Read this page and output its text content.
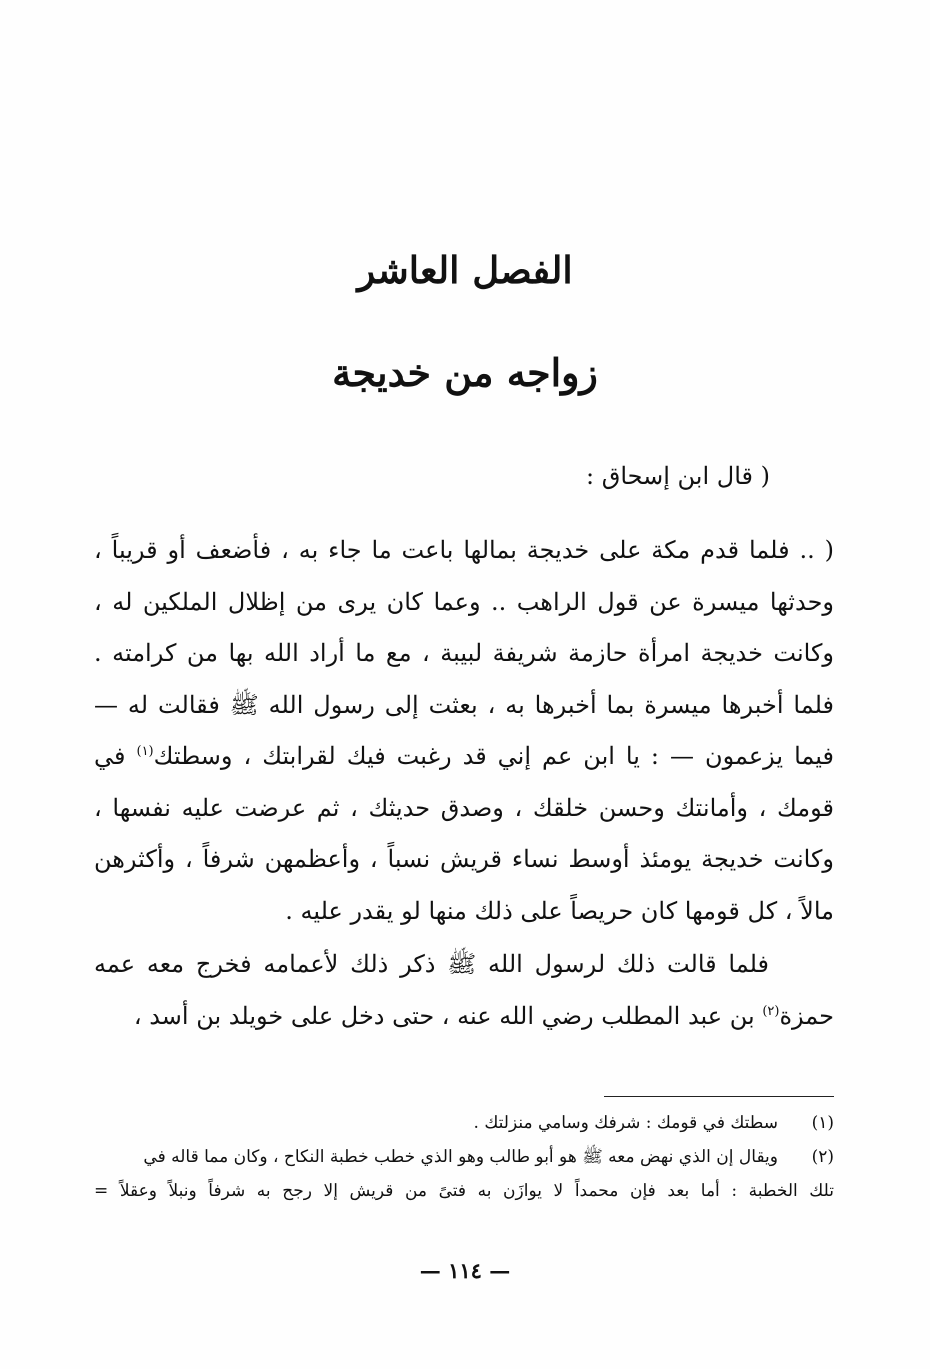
الفصل العاشر
زواجه من خديجة

( قال ابن إسحاق :

( .. فلما قدم مكة على خديجة بمالها باعت ما جاء به ، فأضعف أو قريباً ، وحدثها ميسرة عن قول الراهب .. وعما كان يرى من إظلال الملكين له ، وكانت خديجة امرأة حازمة شريفة لبيبة ، مع ما أراد الله بها من كرامته . فلما أخبرها ميسرة بما أخبرها به ، بعثت إلى رسول الله ﷺ فقالت له — فيما يزعمون — : يا ابن عم إني قد رغبت فيك لقرابتك ، وسطتك$^{(١)}$ في قومك ، وأمانتك وحسن خلقك ، وصدق حديثك ، ثم عرضت عليه نفسها ، وكانت خديجة يومئذ أوسط نساء قريش نسباً ، وأعظمهن شرفاً ، وأكثرهن مالاً ، كل قومها كان حريصاً على ذلك منها لو يقدر عليه .

فلما قالت ذلك لرسول الله ﷺ ذكر ذلك لأعمامه فخرج معه عمه حمزة$^{(٢)}$ بن عبد المطلب رضي الله عنه ، حتى دخل على خويلد بن أسد ،

(١)
سطتك في قومك : شرفك وسامي منزلتك .
(٢)
ويقال إن الذي نهض معه ﷺ هو أبو طالب وهو الذي خطب خطبة النكاح ، وكان مما قاله في
تلك الخطبة : أما بعد فإن محمداً لا يوازَن به فتىً من قريش إلا رجح به شرفاً ونبلاً وعقلاً =
— ١١٤ —
